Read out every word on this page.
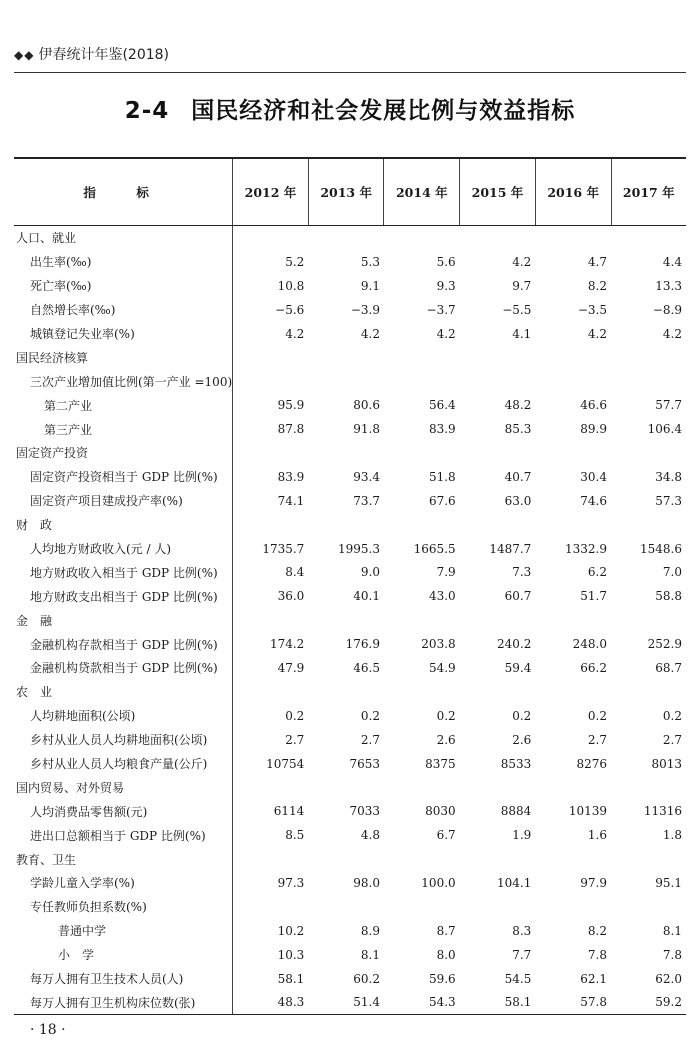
◆◆ 伊春统计年鉴(2018)
2-4 国民经济和社会发展比例与效益指标
指　标	2012 年	2013 年	2014 年	2015 年	2016 年	2017 年
人口、就业						
出生率(‰)	5.2	5.3	5.6	4.2	4.7	4.4
死亡率(‰)	10.8	9.1	9.3	9.7	8.2	13.3
自然增长率(‰)	−5.6	−3.9	−3.7	−5.5	−3.5	−8.9
城镇登记失业率(%)	4.2	4.2	4.2	4.1	4.2	4.2
国民经济核算						
三次产业增加值比例(第一产业 =100)						
第二产业	95.9	80.6	56.4	48.2	46.6	57.7
第三产业	87.8	91.8	83.9	85.3	89.9	106.4
固定资产投资						
固定资产投资相当于 GDP 比例(%)	83.9	93.4	51.8	40.7	30.4	34.8
固定资产项目建成投产率(%)	74.1	73.7	67.6	63.0	74.6	57.3
财　政						
人均地方财政收入(元 / 人)	1735.7	1995.3	1665.5	1487.7	1332.9	1548.6
地方财政收入相当于 GDP 比例(%)	8.4	9.0	7.9	7.3	6.2	7.0
地方财政支出相当于 GDP 比例(%)	36.0	40.1	43.0	60.7	51.7	58.8
金　融						
金融机构存款相当于 GDP 比例(%)	174.2	176.9	203.8	240.2	248.0	252.9
金融机构贷款相当于 GDP 比例(%)	47.9	46.5	54.9	59.4	66.2	68.7
农　业						
人均耕地面积(公顷)	0.2	0.2	0.2	0.2	0.2	0.2
乡村从业人员人均耕地面积(公顷)	2.7	2.7	2.6	2.6	2.7	2.7
乡村从业人员人均粮食产量(公斤)	10754	7653	8375	8533	8276	8013
国内贸易、对外贸易						
人均消费品零售额(元)	6114	7033	8030	8884	10139	11316
进出口总额相当于 GDP 比例(%)	8.5	4.8	6.7	1.9	1.6	1.8
教育、卫生						
学龄儿童入学率(%)	97.3	98.0	100.0	104.1	97.9	95.1
专任教师负担系数(%)						
普通中学	10.2	8.9	8.7	8.3	8.2	8.1
小　学	10.3	8.1	8.0	7.7	7.8	7.8
每万人拥有卫生技术人员(人)	58.1	60.2	59.6	54.5	62.1	62.0
每万人拥有卫生机构床位数(张)	48.3	51.4	54.3	58.1	57.8	59.2
· 18 ·
